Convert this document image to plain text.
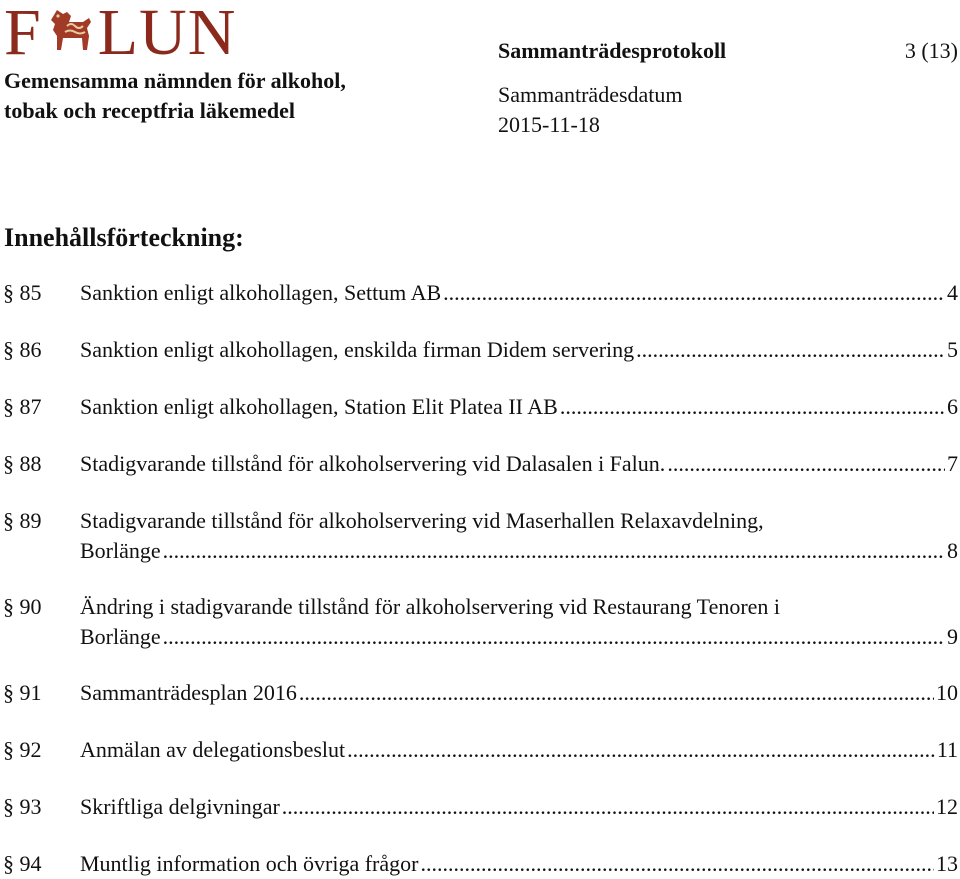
F LUN
Gemensamma nämnden för alkohol,
tobak och receptfria läkemedel
Sammanträdesprotokoll	3 (13)
Sammanträdesdatum
2015-11-18
Innehållsförteckning:
§ 85 Sanktion enligt alkohollagen, Settum AB .....	4
§ 86 Sanktion enligt alkohollagen, enskilda firman Didem servering .....	5
§ 87 Sanktion enligt alkohollagen, Station Elit Platea II AB .....	6
§ 88 Stadigvarande tillstånd för alkoholservering vid Dalasalen i Falun. .....	7
§ 89 Stadigvarande tillstånd för alkoholservering vid Maserhallen Relaxavdelning,
Borlänge .....	8
§ 90 Ändring i stadigvarande tillstånd för alkoholservering vid Restaurang Tenoren i
Borlänge .....	9
§ 91 Sammanträdesplan 2016 .....	10
§ 92 Anmälan av delegationsbeslut .....	11
§ 93 Skriftliga delgivningar .....	12
§ 94 Muntlig information och övriga frågor .....	13
